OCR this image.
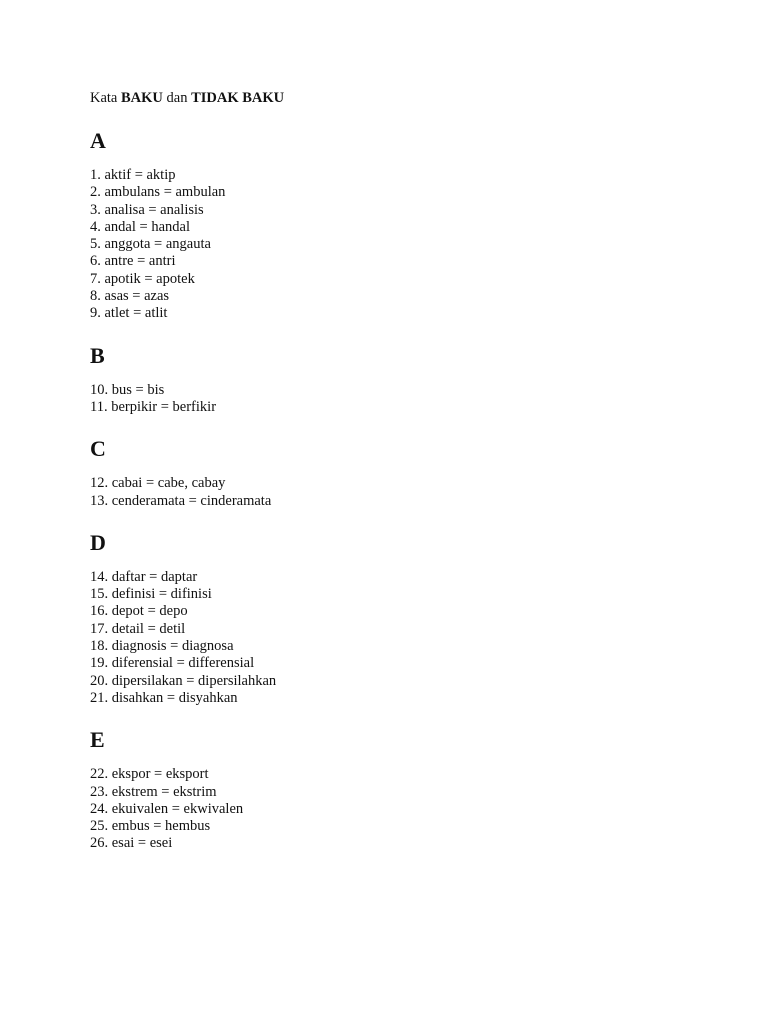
Kata BAKU dan TIDAK BAKU

A
1. aktif = aktip
2. ambulans = ambulan
3. analisa = analisis
4. andal = handal
5. anggota = angauta
6. antre = antri
7. apotik = apotek
8. asas = azas
9. atlet = atlit
B
10. bus = bis
11. berpikir = berfikir
C
12. cabai = cabe, cabay
13. cenderamata = cinderamata
D
14. daftar = daptar
15. definisi = difinisi
16. depot = depo
17. detail = detil
18. diagnosis = diagnosa
19. diferensial = differensial
20. dipersilakan = dipersilahkan
21. disahkan = disyahkan
E
22. ekspor = eksport
23. ekstrem = ekstrim
24. ekuivalen = ekwivalen
25. embus = hembus
26. esai = esei
